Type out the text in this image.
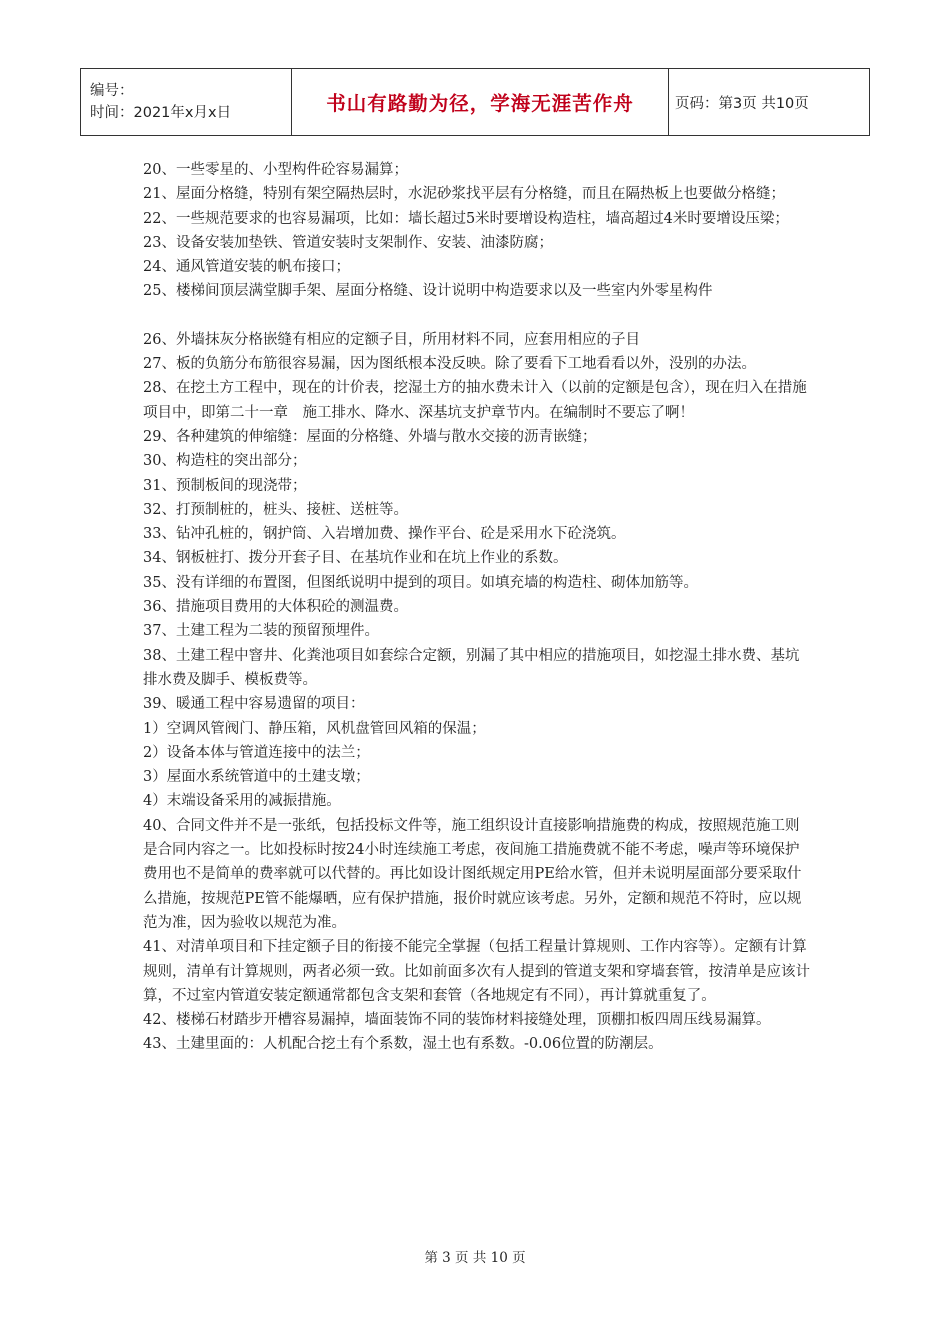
编号：
时间：2021年x月x日	书山有路勤为径，学海无涯苦作舟	页码：第3页 共10页

20、一些零星的、小型构件砼容易漏算；

21、屋面分格缝，特别有架空隔热层时，水泥砂浆找平层有分格缝，而且在隔热板上也要做分格缝；

22、一些规范要求的也容易漏项，比如：墙长超过5米时要增设构造柱，墙高超过4米时要增设压梁；

23、设备安装加垫铁、管道安装时支架制作、安装、油漆防腐；

24、通风管道安装的帆布接口；

25、楼梯间顶层满堂脚手架、屋面分格缝、设计说明中构造要求以及一些室内外零星构件

26、外墙抹灰分格嵌缝有相应的定额子目，所用材料不同，应套用相应的子目

27、板的负筋分布筋很容易漏，因为图纸根本没反映。除了要看下工地看看以外，没别的办法。

28、在挖土方工程中，现在的计价表，挖湿土方的抽水费未计入（以前的定额是包含），现在归入在措施项目中，即第二十一章　施工排水、降水、深基坑支护章节内。在编制时不要忘了啊！

29、各种建筑的伸缩缝：屋面的分格缝、外墙与散水交接的沥青嵌缝；

30、构造柱的突出部分；

31、预制板间的现浇带；

32、打预制桩的，桩头、接桩、送桩等。

33、钻冲孔桩的，钢护筒、入岩增加费、操作平台、砼是采用水下砼浇筑。

34、钢板桩打、拨分开套子目、在基坑作业和在坑上作业的系数。

35、没有详细的布置图，但图纸说明中提到的项目。如填充墙的构造柱、砌体加筋等。

36、措施项目费用的大体积砼的测温费。

37、土建工程为二装的预留预埋件。

38、土建工程中窨井、化粪池项目如套综合定额，别漏了其中相应的措施项目，如挖湿土排水费、基坑排水费及脚手、模板费等。

39、暖通工程中容易遗留的项目：

1）空调风管阀门、静压箱，风机盘管回风箱的保温；

2）设备本体与管道连接中的法兰；

3）屋面水系统管道中的土建支墩；

4）末端设备采用的减振措施。

40、合同文件并不是一张纸，包括投标文件等，施工组织设计直接影响措施费的构成，按照规范施工则是合同内容之一。比如投标时按24小时连续施工考虑，夜间施工措施费就不能不考虑，噪声等环境保护费用也不是简单的费率就可以代替的。再比如设计图纸规定用PE给水管，但并未说明屋面部分要采取什么措施，按规范PE管不能爆晒，应有保护措施，报价时就应该考虑。另外，定额和规范不符时，应以规范为准，因为验收以规范为准。

41、对清单项目和下挂定额子目的衔接不能完全掌握（包括工程量计算规则、工作内容等）。定额有计算规则，清单有计算规则，两者必须一致。比如前面多次有人提到的管道支架和穿墙套管，按清单是应该计算，不过室内管道安装定额通常都包含支架和套管（各地规定有不同），再计算就重复了。

42、楼梯石材踏步开槽容易漏掉，墙面装饰不同的装饰材料接缝处理，顶棚扣板四周压线易漏算。

43、土建里面的：人机配合挖土有个系数，湿土也有系数。-0.06位置的防潮层。

第 3 页 共 10 页
